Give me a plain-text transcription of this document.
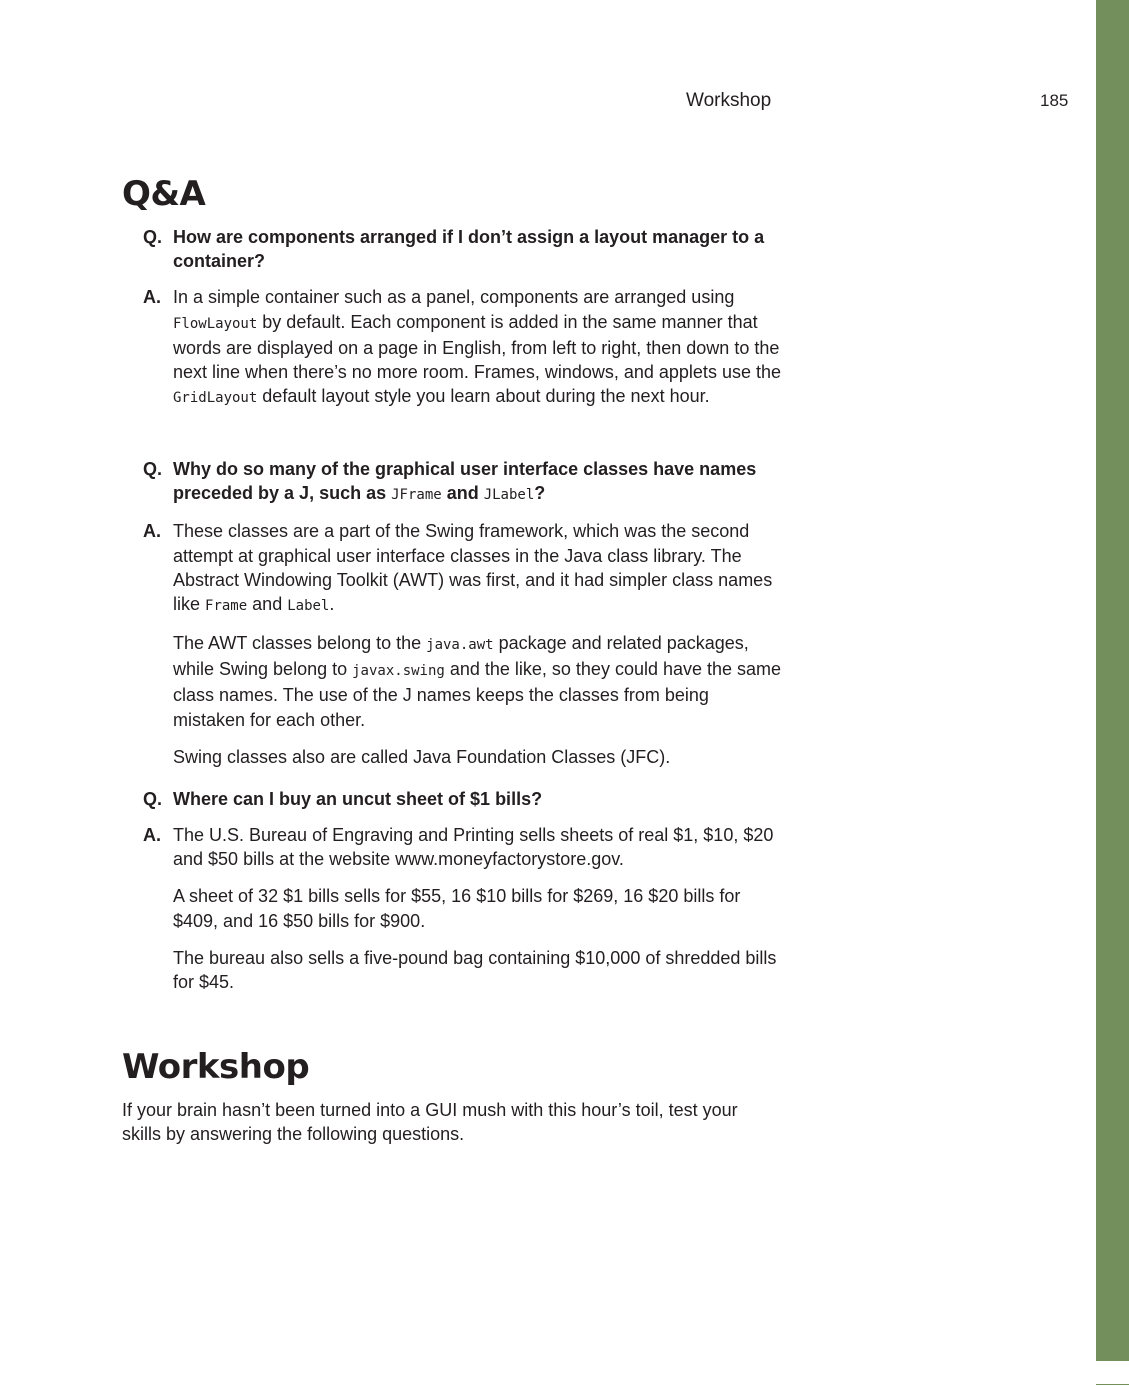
Workshop	185
Q&A
Q. How are components arranged if I don’t assign a layout manager to a container?
A. In a simple container such as a panel, components are arranged using FlowLayout by default. Each component is added in the same manner that words are displayed on a page in English, from left to right, then down to the next line when there’s no more room. Frames, windows, and applets use the GridLayout default layout style you learn about during the next hour.

Q. Why do so many of the graphical user interface classes have names preceded by a J, such as JFrame and JLabel?
A. These classes are a part of the Swing framework, which was the second attempt at graphical user interface classes in the Java class library. The Abstract Windowing Toolkit (AWT) was first, and it had simpler class names like Frame and Label.

The AWT classes belong to the java.awt package and related packages, while Swing belong to javax.swing and the like, so they could have the same class names. The use of the J names keeps the classes from being mistaken for each other.

Swing classes also are called Java Foundation Classes (JFC).

Q. Where can I buy an uncut sheet of $1 bills?
A. The U.S. Bureau of Engraving and Printing sells sheets of real $1, $10, $20 and $50 bills at the website www.moneyfactorystore.gov.

A sheet of 32 $1 bills sells for $55, 16 $10 bills for $269, 16 $20 bills for $409, and 16 $50 bills for $900.

The bureau also sells a five-pound bag containing $10,000 of shredded bills for $45.

Workshop

If your brain hasn’t been turned into a GUI mush with this hour’s toil, test your skills by answering the following questions.
